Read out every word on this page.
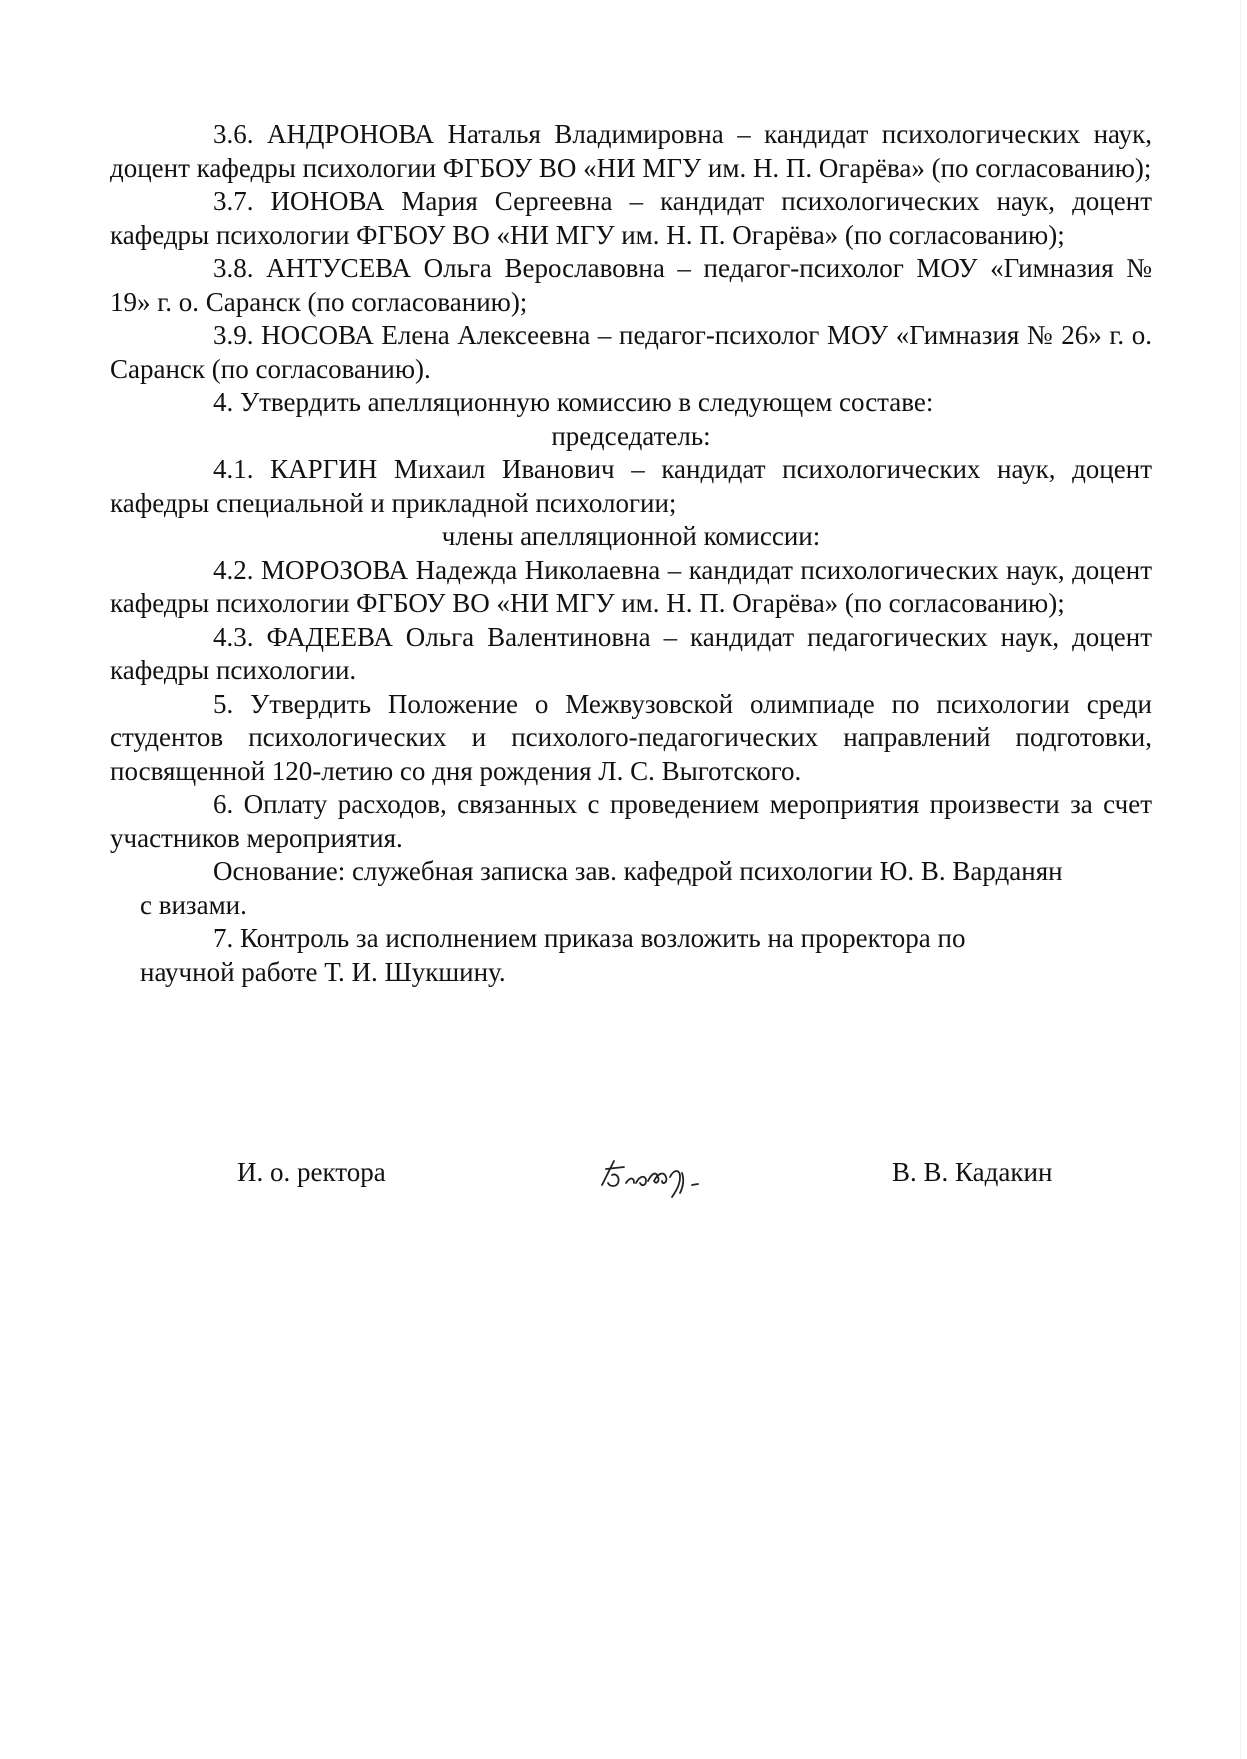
3.6. АНДРОНОВА Наталья Владимировна – кандидат психологических наук, доцент кафедры психологии ФГБОУ ВО «НИ МГУ им. Н. П. Огарёва» (по согласованию);

3.7. ИОНОВА Мария Сергеевна – кандидат психологических наук, доцент кафедры психологии ФГБОУ ВО «НИ МГУ им. Н. П. Огарёва» (по согласованию);

3.8. АНТУСЕВА Ольга Верославовна – педагог-психолог МОУ «Гимназия № 19» г. о. Саранск (по согласованию);

3.9. НОСОВА Елена Алексеевна – педагог-психолог МОУ «Гимназия № 26» г. о. Саранск (по согласованию).

4. Утвердить апелляционную комиссию в следующем составе:

председатель:

4.1. КАРГИН Михаил Иванович – кандидат психологических наук, доцент кафедры специальной и прикладной психологии;

члены апелляционной комиссии:

4.2. МОРОЗОВА Надежда Николаевна – кандидат психологических наук, доцент кафедры психологии ФГБОУ ВО «НИ МГУ им. Н. П. Огарёва» (по согласованию);

4.3. ФАДЕЕВА Ольга Валентиновна – кандидат педагогических наук, доцент кафедры психологии.

5. Утвердить Положение о Межвузовской олимпиаде по психологии среди студентов психологических и психолого-педагогических направлений подготовки, посвященной 120-летию со дня рождения Л. С. Выготского.

6. Оплату расходов, связанных с проведением мероприятия произвести за счет участников мероприятия.

Основание: служебная записка зав. кафедрой психологии Ю. В. Варданян

с визами.

7. Контроль за исполнением приказа возложить на проректора по

научной работе Т. И. Шукшину.

И. о. ректора	В. В. Кадакин
